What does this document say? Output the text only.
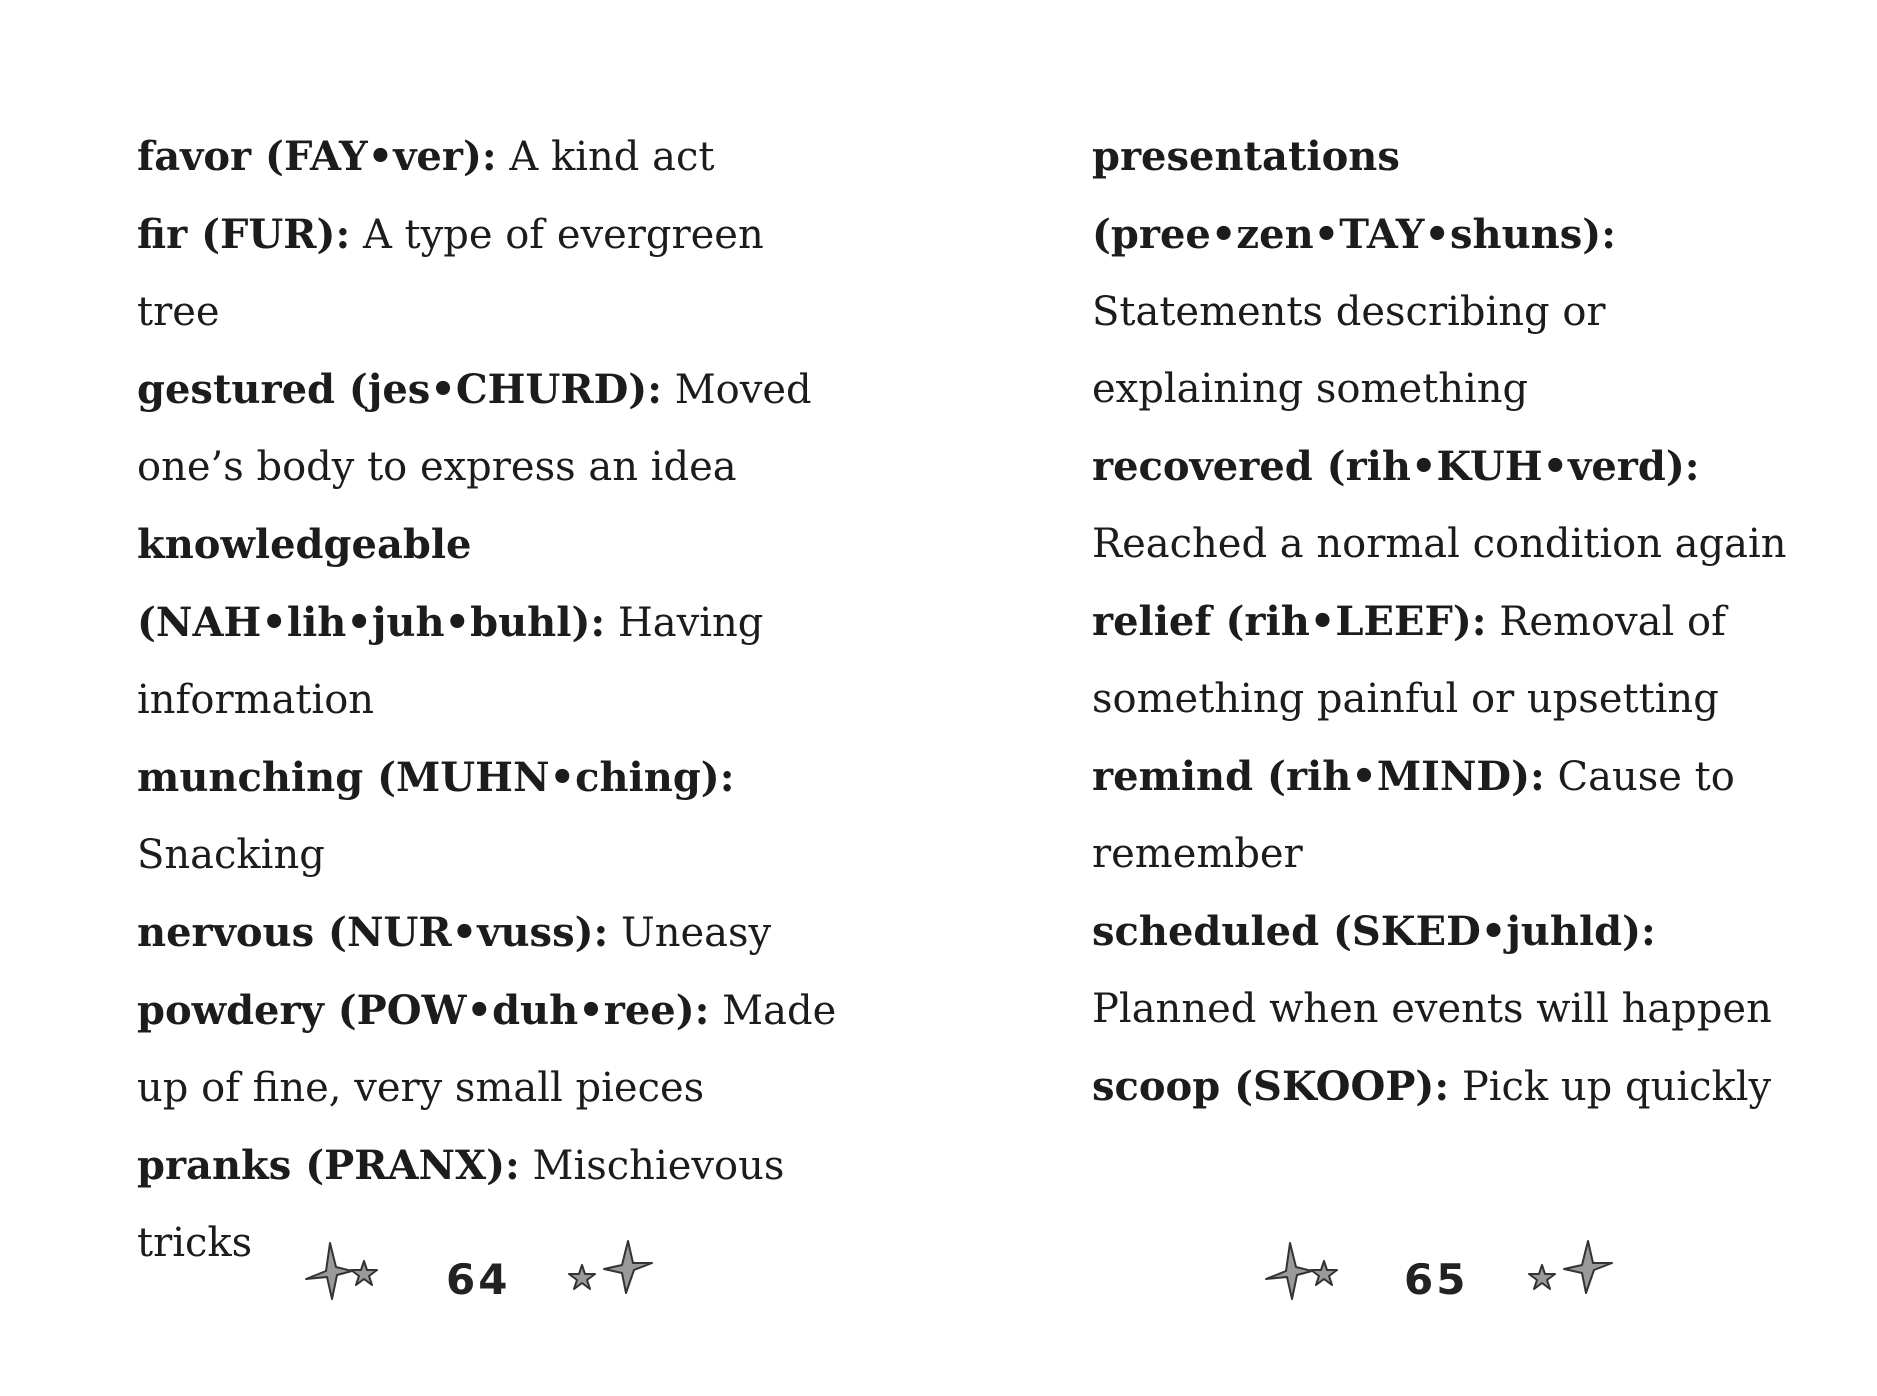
favor (FAY•ver): A kind act

fir (FUR): A type of evergreen tree

gestured (jes•CHURD): Moved one’s body to express an idea

knowledgeable (NAH•lih•juh•buhl): Having information

munching (MUHN•ching): Snacking

nervous (NUR•vuss): Uneasy

powdery (POW•duh•ree): Made up of fine, very small pieces

pranks (PRANX): Mischievous tricks

64

presentations (pree•zen•TAY•shuns): Statements describing or explaining something

recovered (rih•KUH•verd): Reached a normal condition again

relief (rih•LEEF): Removal of something painful or upsetting

remind (rih•MIND): Cause to remember

scheduled (SKED•juhld): Planned when events will happen

scoop (SKOOP): Pick up quickly

65
